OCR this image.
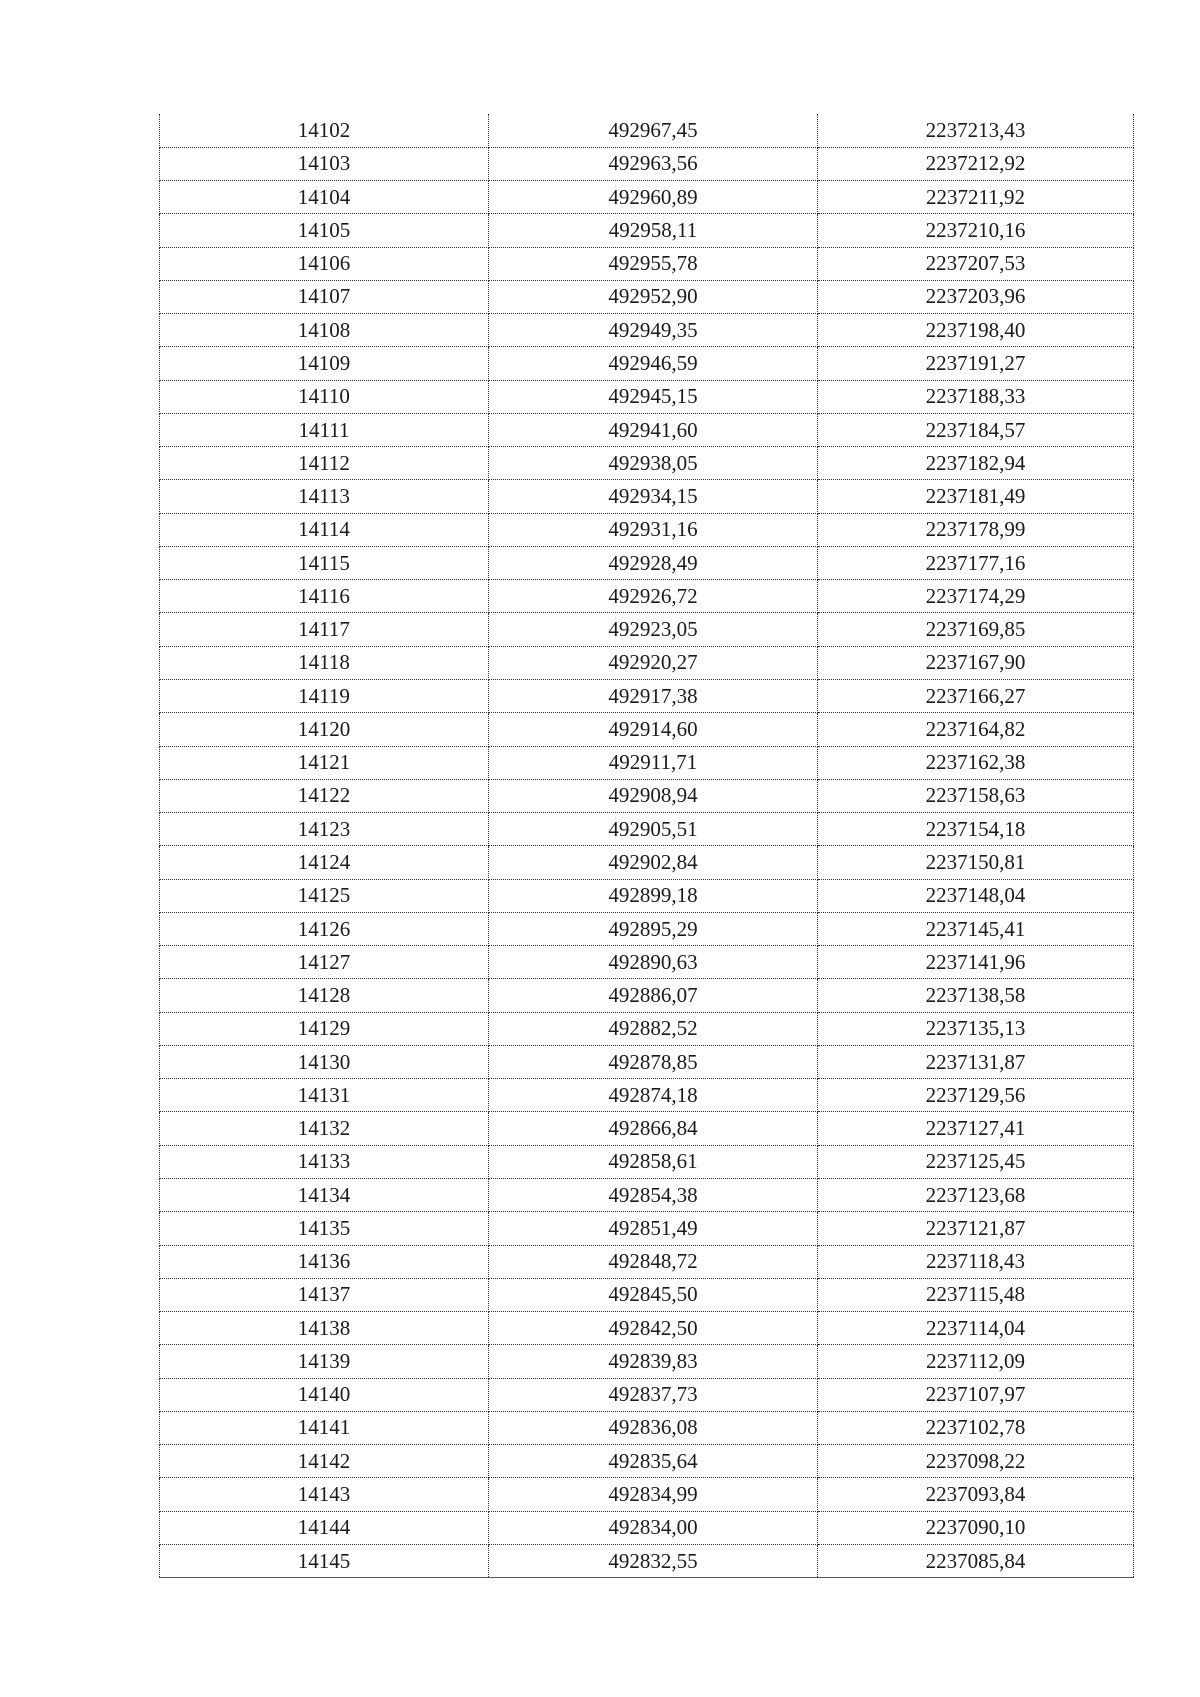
14102	492967,45	2237213,43
14103	492963,56	2237212,92
14104	492960,89	2237211,92
14105	492958,11	2237210,16
14106	492955,78	2237207,53
14107	492952,90	2237203,96
14108	492949,35	2237198,40
14109	492946,59	2237191,27
14110	492945,15	2237188,33
14111	492941,60	2237184,57
14112	492938,05	2237182,94
14113	492934,15	2237181,49
14114	492931,16	2237178,99
14115	492928,49	2237177,16
14116	492926,72	2237174,29
14117	492923,05	2237169,85
14118	492920,27	2237167,90
14119	492917,38	2237166,27
14120	492914,60	2237164,82
14121	492911,71	2237162,38
14122	492908,94	2237158,63
14123	492905,51	2237154,18
14124	492902,84	2237150,81
14125	492899,18	2237148,04
14126	492895,29	2237145,41
14127	492890,63	2237141,96
14128	492886,07	2237138,58
14129	492882,52	2237135,13
14130	492878,85	2237131,87
14131	492874,18	2237129,56
14132	492866,84	2237127,41
14133	492858,61	2237125,45
14134	492854,38	2237123,68
14135	492851,49	2237121,87
14136	492848,72	2237118,43
14137	492845,50	2237115,48
14138	492842,50	2237114,04
14139	492839,83	2237112,09
14140	492837,73	2237107,97
14141	492836,08	2237102,78
14142	492835,64	2237098,22
14143	492834,99	2237093,84
14144	492834,00	2237090,10
14145	492832,55	2237085,84
